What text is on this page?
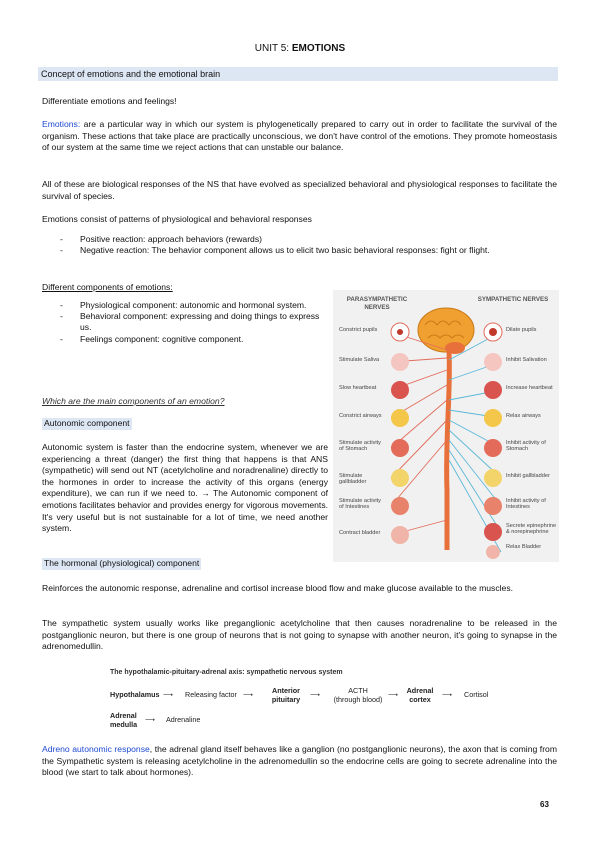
UNIT 5: EMOTIONS
Concept of emotions and the emotional brain
Differentiate emotions and feelings!
Emotions: are a particular way in which our system is phylogenetically prepared to carry out in order to facilitate the survival of the organism. These actions that take place are practically unconscious, we don't have control of the emotions. They promote homeostasis of our system at the same time we reject actions that can unstable our balance.
All of these are biological responses of the NS that have evolved as specialized behavioral and physiological responses to facilitate the survival of species.
Emotions consist of patterns of physiological and behavioral responses
- Positive reaction: approach behaviors (rewards)
- Negative reaction: The behavior component allows us to elicit two basic behavioral responses: fight or flight.
Different components of emotions:
- Physiological component: autonomic and hormonal system.
- Behavioral component: expressing and doing things to express us.
- Feelings component: cognitive component.
Which are the main components of an emotion?
Autonomic component
Autonomic system is faster than the endocrine system, whenever we are experiencing a threat (danger) the first thing that happens is that ANS (sympathetic) will send out NT (acetylcholine and noradrenaline) directly to the hormones in order to increase the activity of this organs (energy expenditure), we can run if we need to. → The Autonomic component of emotions facilitates behavior and provides energy for vigorous movements. It's very useful but is not sustainable for a lot of time, we need another system.
PARASYMPATHETIC NERVES
SYMPATHETIC NERVES
Constrict pupils
Stimulate Saliva
Slow heartbeat
Constrict airways
Stimulate activity of Stomach
Stimulate gallbladder
Stimulate activity of Intestines
Contract bladder
Dilate pupils
Inhibit Salivation
Increase heartbeat
Relax airways
Inhibit activity of Stomach
Inhibit gallbladder
Inhibit activity of Intestines
Secrete epinephrine & norepinephrine
Relax Bladder
The hormonal (physiological) component
Reinforces the autonomic response, adrenaline and cortisol increase blood flow and make glucose available to the muscles.
The sympathetic system usually works like preganglionic acetylcholine that then causes noradrenaline to be released in the postganglionic neuron, but there is one group of neurons that is not going to synapse with another neuron, it's going to synapse in the adrenomedullin.
The hypothalamic-pituitary-adrenal axis: sympathetic nervous system
Hypothalamus ⟶ Releasing factor ⟶	Anterior pituitary
⟶	ACTH
(through blood)
⟶ Adrenal cortex
⟶ Cortisol
Adrenal medulla
⟶ Adrenaline
Adreno autonomic response, the adrenal gland itself behaves like a ganglion (no postganglionic neurons), the axon that is coming from the Sympathetic system is releasing acetylcholine in the adrenomedullin so the endocrine cells are going to secrete adrenaline into the blood (we start to talk about hormones).
63
